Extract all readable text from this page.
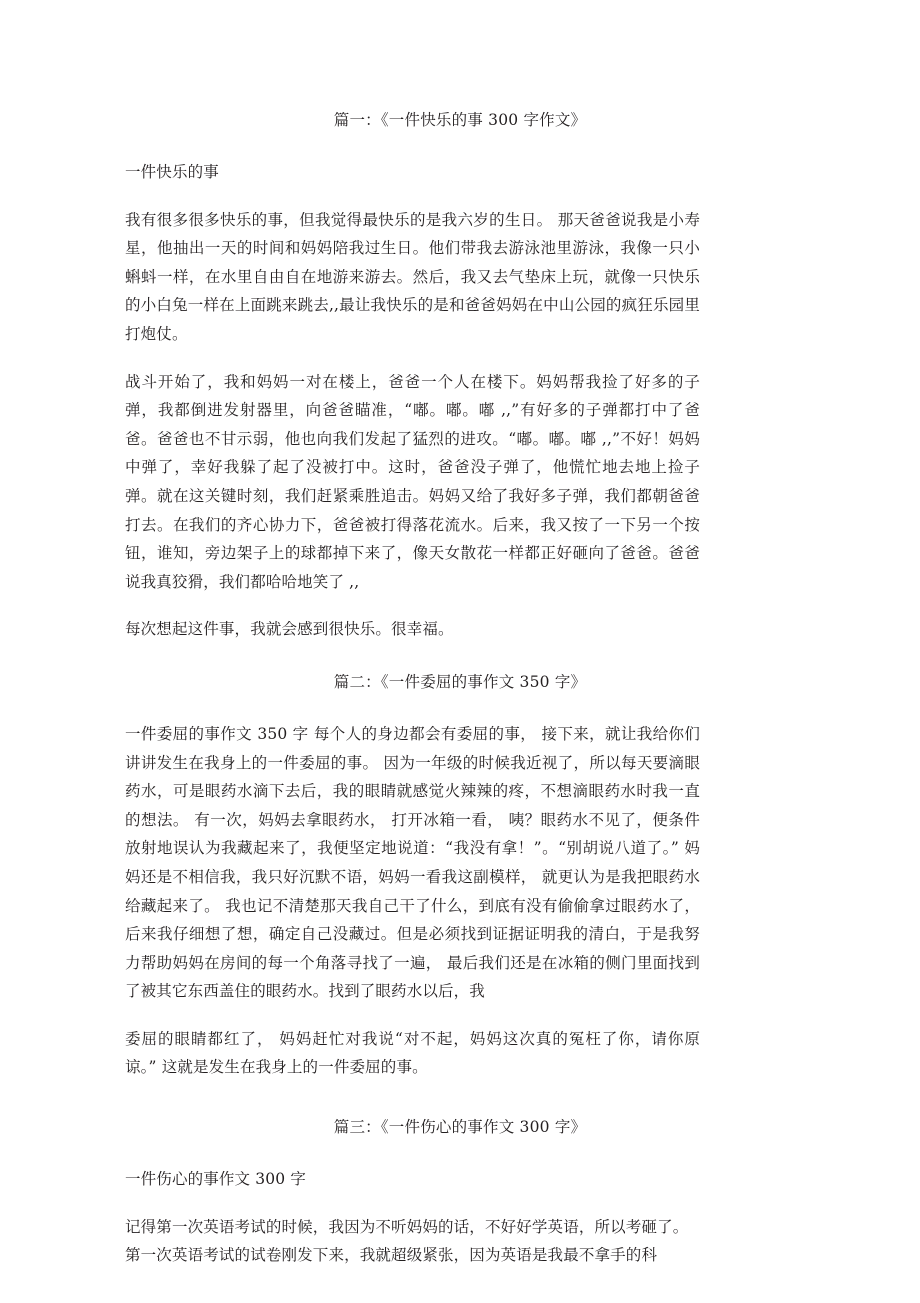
篇一：《一件快乐的事 300 字作文》

一件快乐的事

我有很多很多快乐的事，但我觉得最快乐的是我六岁的生日。 那天爸爸说我是小寿星，他抽出一天的时间和妈妈陪我过生日。他们带我去游泳池里游泳，我像一只小蝌蚪一样，在水里自由自在地游来游去。然后，我又去气垫床上玩，就像一只快乐的小白兔一样在上面跳来跳去,,最让我快乐的是和爸爸妈妈在中山公园的疯狂乐园里打炮仗。

战斗开始了，我和妈妈一对在楼上，爸爸一个人在楼下。妈妈帮我捡了好多的子弹，我都倒进发射器里，向爸爸瞄准，“嘟。嘟。嘟 ,,”有好多的子弹都打中了爸爸。爸爸也不甘示弱，他也向我们发起了猛烈的进攻。“嘟。嘟。嘟 ,,”不好！妈妈中弹了，幸好我躲了起了没被打中。这时，爸爸没子弹了，他慌忙地去地上捡子弹。就在这关键时刻，我们赶紧乘胜追击。妈妈又给了我好多子弹，我们都朝爸爸打去。在我们的齐心协力下，爸爸被打得落花流水。后来，我又按了一下另一个按钮，谁知，旁边架子上的球都掉下来了，像天女散花一样都正好砸向了爸爸。爸爸说我真狡猾，我们都哈哈地笑了 ,,

每次想起这件事，我就会感到很快乐。很幸福。

篇二：《一件委屈的事作文 350 字》

一件委屈的事作文 350 字 每个人的身边都会有委屈的事， 接下来，就让我给你们讲讲发生在我身上的一件委屈的事。 因为一年级的时候我近视了，所以每天要滴眼药水，可是眼药水滴下去后，我的眼睛就感觉火辣辣的疼，不想滴眼药水时我一直的想法。 有一次，妈妈去拿眼药水， 打开冰箱一看， 咦？眼药水不见了，便条件放射地误认为我藏起来了，我便坚定地说道：“我没有拿！”。“别胡说八道了。” 妈妈还是不相信我，我只好沉默不语，妈妈一看我这副模样， 就更认为是我把眼药水给藏起来了。 我也记不清楚那天我自己干了什么，到底有没有偷偷拿过眼药水了， 后来我仔细想了想，确定自己没藏过。但是必须找到证据证明我的清白，于是我努力帮助妈妈在房间的每一个角落寻找了一遍， 最后我们还是在冰箱的侧门里面找到了被其它东西盖住的眼药水。找到了眼药水以后，我

委屈的眼睛都红了， 妈妈赶忙对我说“对不起，妈妈这次真的冤枉了你，请你原谅。” 这就是发生在我身上的一件委屈的事。

篇三：《一件伤心的事作文 300 字》

一件伤心的事作文 300 字

记得第一次英语考试的时候，我因为不听妈妈的话，不好好学英语，所以考砸了。

第一次英语考试的试卷刚发下来，我就超级紧张，因为英语是我最不拿手的科
